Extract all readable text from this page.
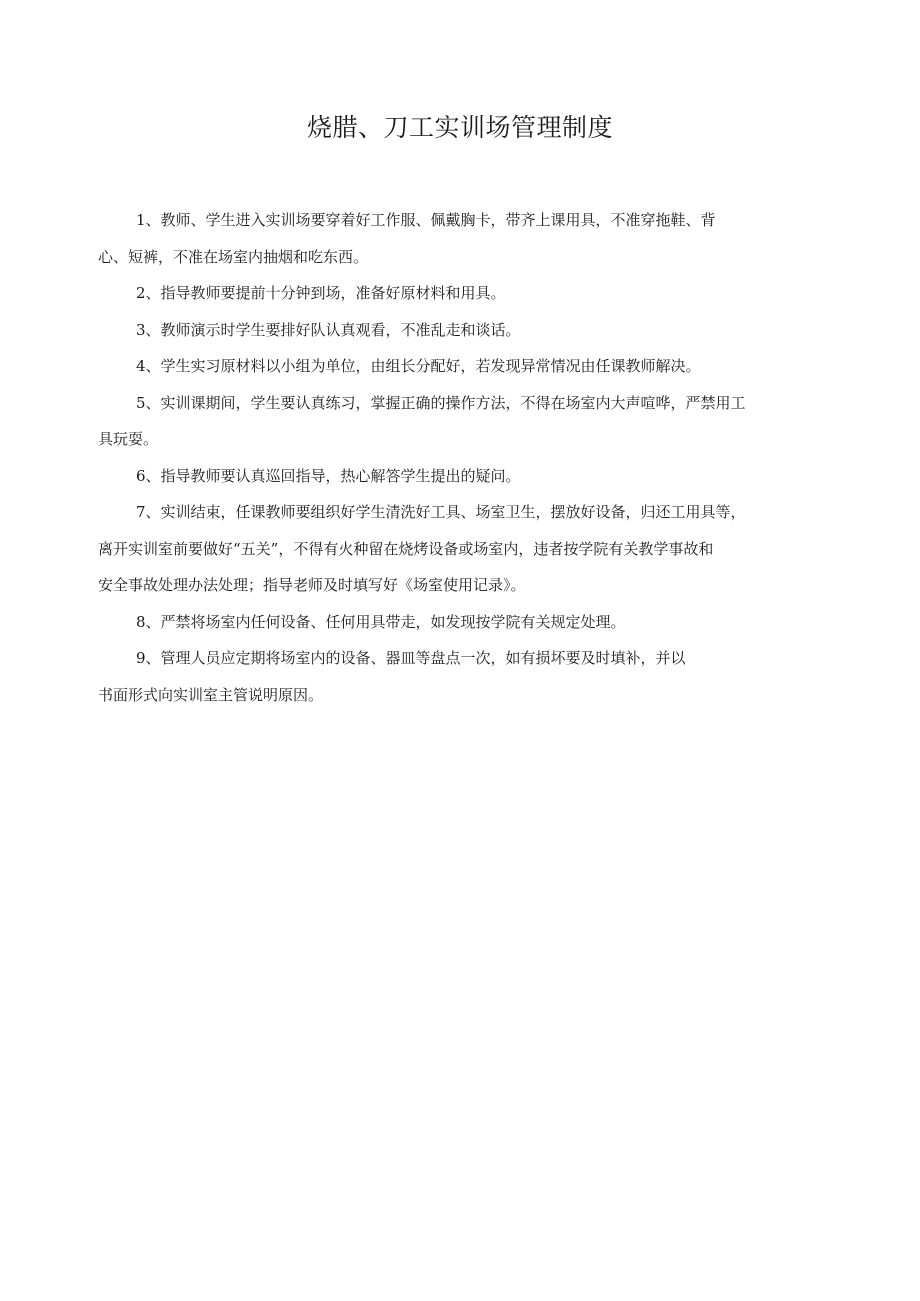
烧腊、刀工实训场管理制度
1、教师、学生进入实训场要穿着好工作服、佩戴胸卡，带齐上课用具，不准穿拖鞋、背
心、短裤，不准在场室内抽烟和吃东西。
2、指导教师要提前十分钟到场，准备好原材料和用具。
3、教师演示时学生要排好队认真观看，不准乱走和谈话。
4、学生实习原材料以小组为单位，由组长分配好，若发现异常情况由任课教师解决。
5、实训课期间，学生要认真练习，掌握正确的操作方法，不得在场室内大声喧哗，严禁用工
具玩耍。
6、指导教师要认真巡回指导，热心解答学生提出的疑问。
7、实训结束，任课教师要组织好学生清洗好工具、场室卫生，摆放好设备，归还工用具等，
离开实训室前要做好“五关”，不得有火种留在烧烤设备或场室内，违者按学院有关教学事故和
安全事故处理办法处理；指导老师及时填写好《场室使用记录》。
8、严禁将场室内任何设备、任何用具带走，如发现按学院有关规定处理。
9、管理人员应定期将场室内的设备、器皿等盘点一次，如有损坏要及时填补，并以
书面形式向实训室主管说明原因。
